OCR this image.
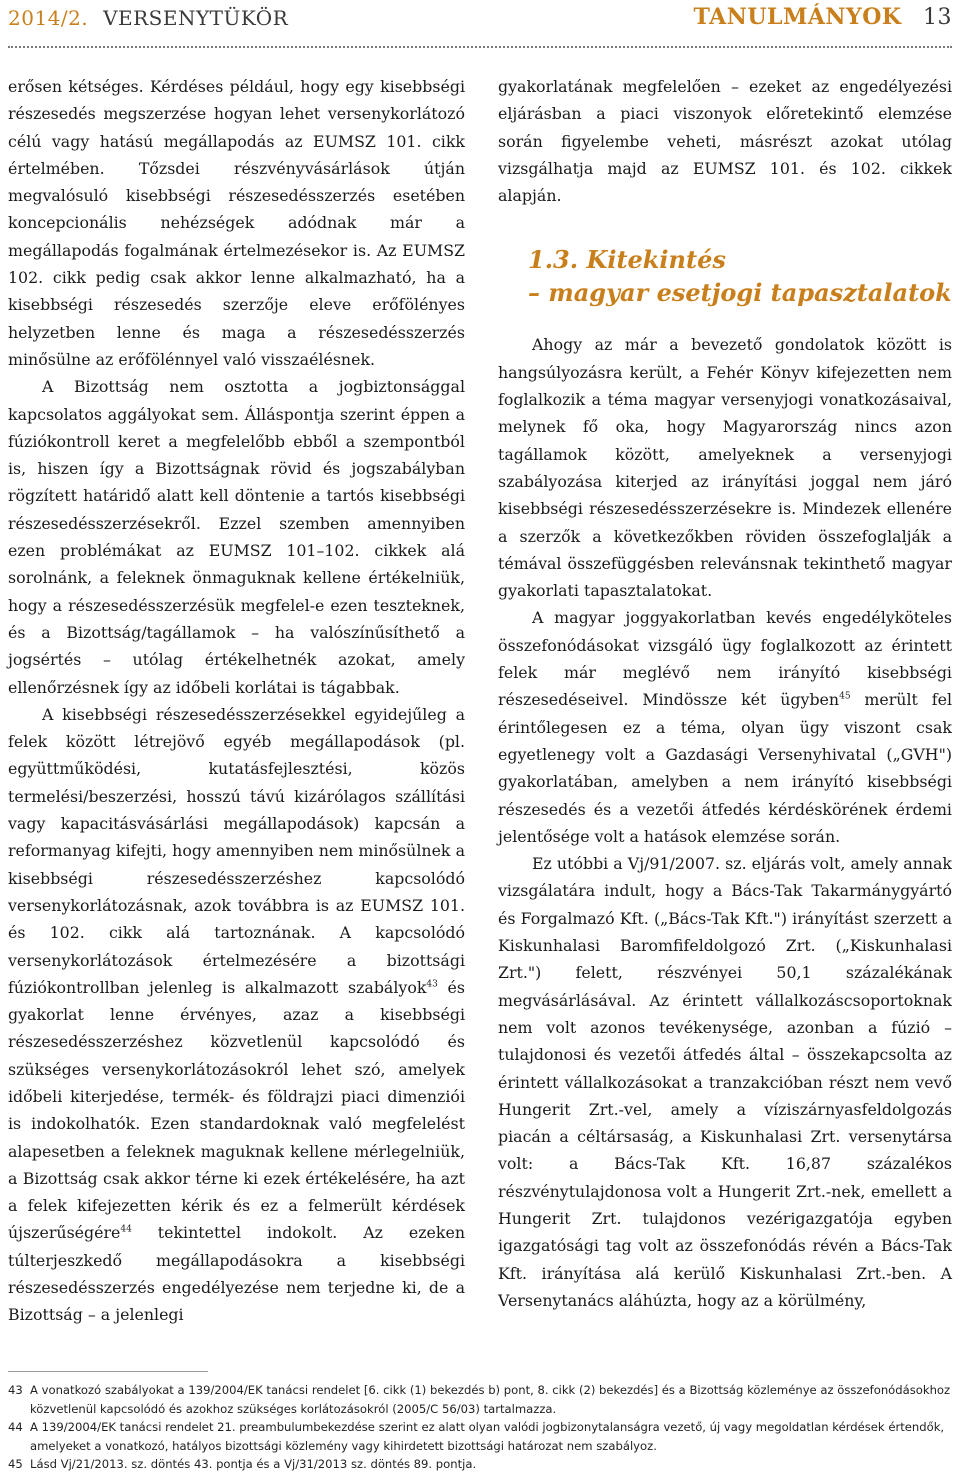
2014/2. VERSENYTÜKÖR	TANULMÁNYOK 13

erősen kétséges. Kérdéses például, hogy egy kisebbségi részesedés megszerzése hogyan lehet versenykorlátozó célú vagy hatású megállapodás az EUMSZ 101. cikk értelmében. Tőzsdei részvényvásárlások útján megvalósuló kisebbségi részesedésszerzés esetében koncepcionális nehézségek adódnak már a megállapodás fogalmának értelmezésekor is. Az EUMSZ 102. cikk pedig csak akkor lenne alkalmazható, ha a kisebbségi részesedés szerzője eleve erőfölényes helyzetben lenne és maga a részesedésszerzés minősülne az erőfölénnyel való visszaélésnek.

A Bizottság nem osztotta a jogbiztonsággal kapcsolatos aggályokat sem. Álláspontja szerint éppen a fúziókontroll keret a megfelelőbb ebből a szempontból is, hiszen így a Bizottságnak rövid és jogszabályban rögzített határidő alatt kell döntenie a tartós kisebbségi részesedésszerzésekről. Ezzel szemben amennyiben ezen problémákat az EUMSZ 101–102. cikkek alá sorolnánk, a feleknek önmaguknak kellene értékelniük, hogy a részesedésszerzésük megfelel-e ezen teszteknek, és a Bizottság/tagállamok – ha valószínűsíthető a jogsértés – utólag értékelhetnék azokat, amely ellenőrzésnek így az időbeli korlátai is tágabbak.

A kisebbségi részesedésszerzésekkel egyidejűleg a felek között létrejövő egyéb megállapodások (pl. együttműködési, kutatásfejlesztési, közös termelési/beszerzési, hosszú távú kizárólagos szállítási vagy kapacitásvásárlási megállapodások) kapcsán a reformanyag kifejti, hogy amennyiben nem minősülnek a kisebbségi részesedésszerzéshez kapcsolódó versenykorlátozásnak, azok továbbra is az EUMSZ 101. és 102. cikk alá tartoznának. A kapcsolódó versenykorlátozások értelmezésére a bizottsági fúziókontrollban jelenleg is alkalmazott szabályok$^{43}$ és gyakorlat lenne érvényes, azaz a kisebbségi részesedésszerzéshez közvetlenül kapcsolódó és szükséges versenykorlátozásokról lehet szó, amelyek időbeli kiterjedése, termék- és földrajzi piaci dimenziói is indokolhatók. Ezen standardoknak való megfelelést alapesetben a feleknek maguknak kellene mérlegelniük, a Bizottság csak akkor térne ki ezek értékelésére, ha azt a felek kifejezetten kérik és ez a felmerült kérdések újszerűségére$^{44}$ tekintettel indokolt. Az ezeken túlterjeszkedő megállapodásokra a kisebbségi részesedésszerzés engedélyezése nem terjedne ki, de a Bizottság – a jelenlegi

gyakorlatának megfelelően – ezeket az engedélyezési eljárásban a piaci viszonyok előretekintő elemzése során figyelembe veheti, másrészt azokat utólag vizsgálhatja majd az EUMSZ 101. és 102. cikkek alapján.

1.3. Kitekintés
– magyar esetjogi tapasztalatok

Ahogy az már a bevezető gondolatok között is hangsúlyozásra került, a Fehér Könyv kifejezetten nem foglalkozik a téma magyar versenyjogi vonatkozásaival, melynek fő oka, hogy Magyarország nincs azon tagállamok között, amelyeknek a versenyjogi szabályozása kiterjed az irányítási joggal nem járó kisebbségi részesedésszerzésekre is. Mindezek ellenére a szerzők a következőkben röviden összefoglalják a témával összefüggésben relevánsnak tekinthető magyar gyakorlati tapasztalatokat.

A magyar joggyakorlatban kevés engedélyköteles összefonódásokat vizsgáló ügy foglalkozott az érintett felek már meglévő nem irányító kisebbségi részesedéseivel. Mindössze két ügyben$^{45}$ merült fel érintőlegesen ez a téma, olyan ügy viszont csak egyetlenegy volt a Gazdasági Versenyhivatal („GVH") gyakorlatában, amelyben a nem irányító kisebbségi részesedés és a vezetői átfedés kérdéskörének érdemi jelentősége volt a hatások elemzése során.

Ez utóbbi a Vj/91/2007. sz. eljárás volt, amely annak vizsgálatára indult, hogy a Bács-Tak Takarmánygyártó és Forgalmazó Kft. („Bács-Tak Kft.") irányítást szerzett a Kiskunhalasi Baromfifeldolgozó Zrt. („Kiskunhalasi Zrt.") felett, részvényei 50,1 százalékának megvásárlásával. Az érintett vállalkozáscsoportoknak nem volt azonos tevékenysége, azonban a fúzió – tulajdonosi és vezetői átfedés által – összekapcsolta az érintett vállalkozásokat a tranzakcióban részt nem vevő Hungerit Zrt.-vel, amely a víziszárnyasfeldolgozás piacán a céltársaság, a Kiskunhalasi Zrt. versenytársa volt: a Bács-Tak Kft. 16,87 százalékos részvénytulajdonosa volt a Hungerit Zrt.-nek, emellett a Hungerit Zrt. tulajdonos vezérigazgatója egyben igazgatósági tag volt az összefonódás révén a Bács-Tak Kft. irányítása alá kerülő Kiskunhalasi Zrt.-ben. A Versenytanács aláhúzta, hogy az a körülmény,

43 A vonatkozó szabályokat a 139/2004/EK tanácsi rendelet [6. cikk (1) bekezdés b) pont, 8. cikk (2) bekezdés] és a Bizottság közleménye az összefonódásokhoz közvetlenül kapcsolódó és azokhoz szükséges korlátozásokról (2005/C 56/03) tartalmazza.
44 A 139/2004/EK tanácsi rendelet 21. preambulumbekezdése szerint ez alatt olyan valódi jogbizonytalanságra vezető, új vagy megoldatlan kérdések értendők, amelyeket a vonatkozó, hatályos bizottsági közlemény vagy kihirdetett bizottsági határozat nem szabályoz.
45 Lásd Vj/21/2013. sz. döntés 43. pontja és a Vj/31/2013 sz. döntés 89. pontja.
